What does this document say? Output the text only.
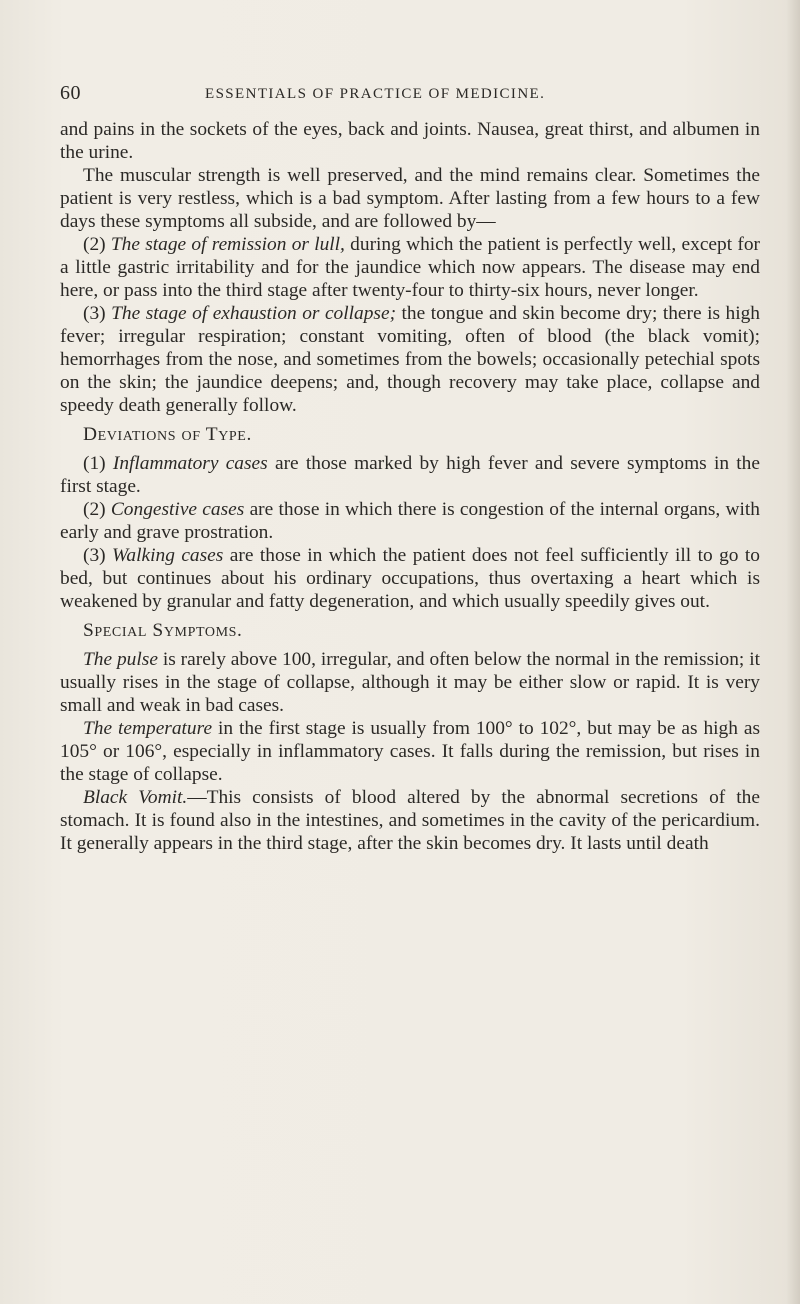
60	ESSENTIALS OF PRACTICE OF MEDICINE.

and pains in the sockets of the eyes, back and joints. Nausea, great thirst, and albumen in the urine.

The muscular strength is well preserved, and the mind remains clear. Sometimes the patient is very restless, which is a bad symptom. After lasting from a few hours to a few days these symptoms all subside, and are followed by—

(2) The stage of remission or lull, during which the patient is perfectly well, except for a little gastric irritability and for the jaundice which now appears. The disease may end here, or pass into the third stage after twenty-four to thirty-six hours, never longer.

(3) The stage of exhaustion or collapse; the tongue and skin become dry; there is high fever; irregular respiration; constant vomiting, often of blood (the black vomit); hemorrhages from the nose, and sometimes from the bowels; occasionally petechial spots on the skin; the jaundice deepens; and, though recovery may take place, collapse and speedy death generally follow.

Deviations of Type.

(1) Inflammatory cases are those marked by high fever and severe symptoms in the first stage.

(2) Congestive cases are those in which there is congestion of the internal organs, with early and grave prostration.

(3) Walking cases are those in which the patient does not feel sufficiently ill to go to bed, but continues about his ordinary occupations, thus overtaxing a heart which is weakened by granular and fatty degeneration, and which usually speedily gives out.

Special Symptoms.

The pulse is rarely above 100, irregular, and often below the normal in the remission; it usually rises in the stage of collapse, although it may be either slow or rapid. It is very small and weak in bad cases.

The temperature in the first stage is usually from 100° to 102°, but may be as high as 105° or 106°, especially in inflammatory cases. It falls during the remission, but rises in the stage of collapse.

Black Vomit.—This consists of blood altered by the abnormal secretions of the stomach. It is found also in the intestines, and sometimes in the cavity of the pericardium. It generally appears in the third stage, after the skin becomes dry. It lasts until death
